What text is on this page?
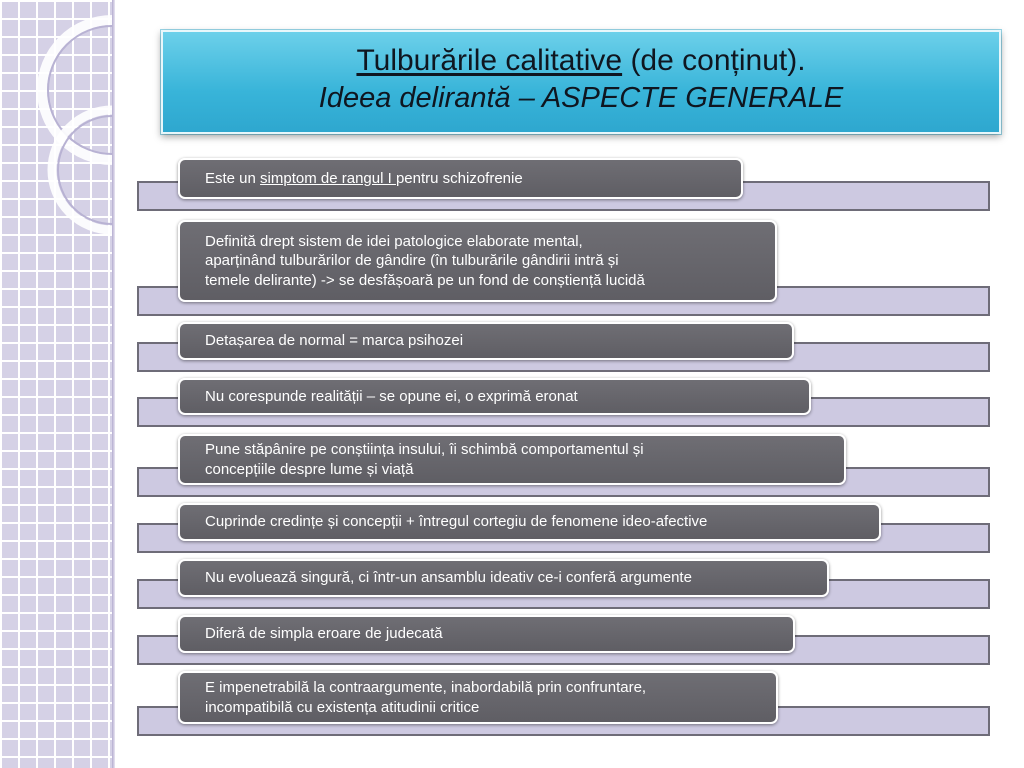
Tulburările calitative (de conținut).
Ideea delirantă – ASPECTE GENERALE
Este un simptom de rangul I pentru schizofrenie
Definită drept sistem de idei patologice elaborate mental,
aparținând tulburărilor de gândire (în tulburările gândirii intră și
temele delirante) -> se desfășoară pe un fond de conștiență lucidă
Detașarea de normal = marca psihozei
Nu corespunde realității – se opune ei, o exprimă eronat
Pune stăpânire pe conștiința insului, îi schimbă comportamentul și
concepțiile despre lume și viață
Cuprinde credințe și concepții + întregul cortegiu de fenomene ideo-afective
Nu evoluează singură, ci într-un ansamblu ideativ ce-i conferă argumente
Diferă de simpla eroare de judecată
E impenetrabilă la contraargumente, inabordabilă prin confruntare,
incompatibilă cu existența atitudinii critice
